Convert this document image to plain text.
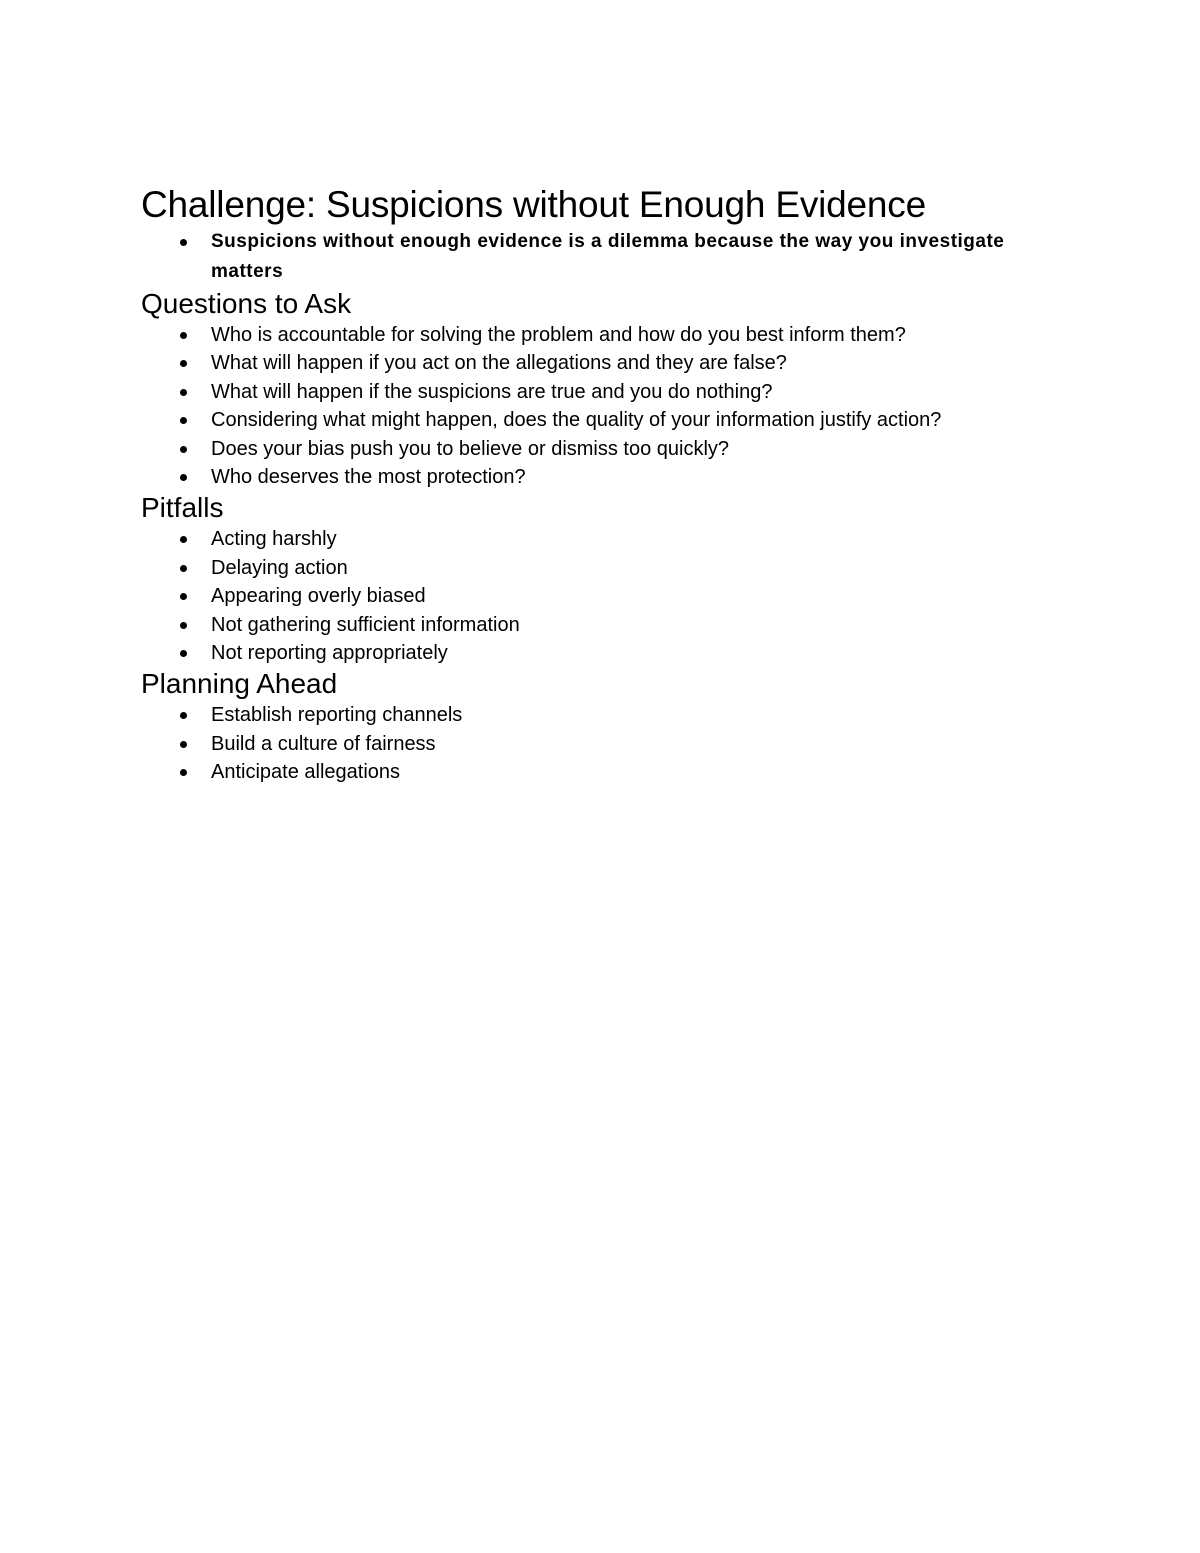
Challenge: Suspicions without Enough Evidence
Suspicions without enough evidence is a dilemma because the way you investigate matters
Questions to Ask
Who is accountable for solving the problem and how do you best inform them?
What will happen if you act on the allegations and they are false?
What will happen if the suspicions are true and you do nothing?
Considering what might happen, does the quality of your information justify action?
Does your bias push you to believe or dismiss too quickly?
Who deserves the most protection?
Pitfalls
Acting harshly
Delaying action
Appearing overly biased
Not gathering sufficient information
Not reporting appropriately
Planning Ahead
Establish reporting channels
Build a culture of fairness
Anticipate allegations
